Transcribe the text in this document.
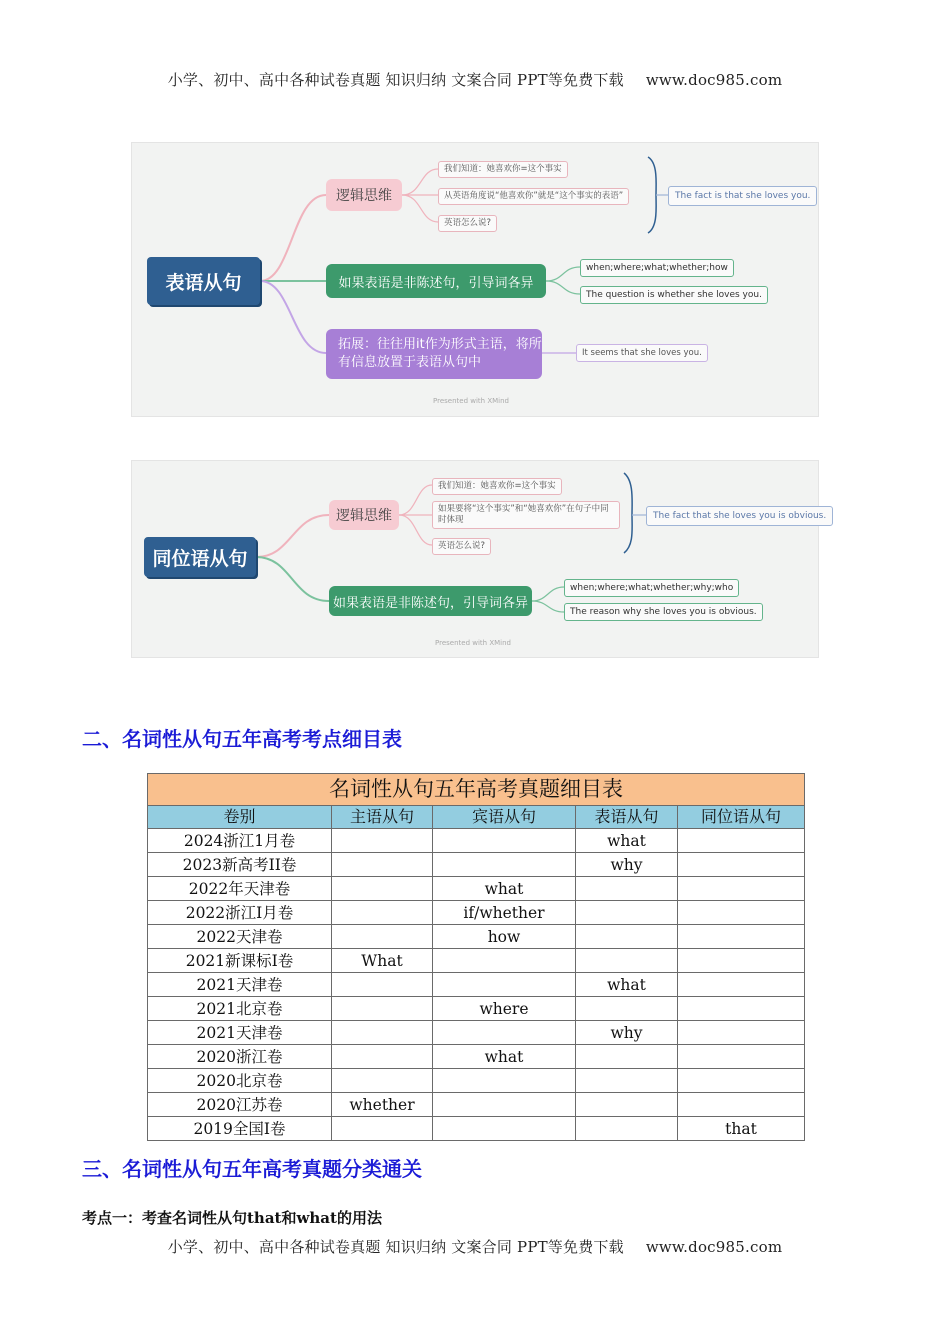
小学、初中、高中各种试卷真题 知识归纳 文案合同 PPT等免费下载 www.doc985.com
表语从句
逻辑思维
我们知道：她喜欢你=这个事实
从英语角度说“他喜欢你”就是“这个事实的表语”
英语怎么说?
The fact is that she loves you.
如果表语是非陈述句，引导词各异
when;where;what;whether;how
The question is whether she loves you.
拓展：往往用it作为形式主语，将所有信息放置于表语从句中
It seems that she loves you.
Presented with XMind
同位语从句
逻辑思维
我们知道：她喜欢你=这个事实
如果要将“这个事实”和“她喜欢你”在句子中同时体现
英语怎么说?
The fact that she loves you is obvious.
如果表语是非陈述句，引导词各异
when;where;what;whether;why;who
The reason why she loves you is obvious.
Presented with XMind
二、名词性从句五年高考考点细目表
名词性从句五年高考真题细目表
卷别	主语从句	宾语从句	表语从句	同位语从句
2024浙江1月卷			what	
2023新高考II卷			why	
2022年天津卷		what		
2022浙江I月卷		if/whether		
2022天津卷		how		
2021新课标I卷	What			
2021天津卷			what	
2021北京卷		where		
2021天津卷			why	
2020浙江卷		what		
2020北京卷				
2020江苏卷	whether			
2019全国I卷				that
三、名词性从句五年高考真题分类通关
考点一：考查名词性从句that和what的用法
小学、初中、高中各种试卷真题 知识归纳 文案合同 PPT等免费下载 www.doc985.com
